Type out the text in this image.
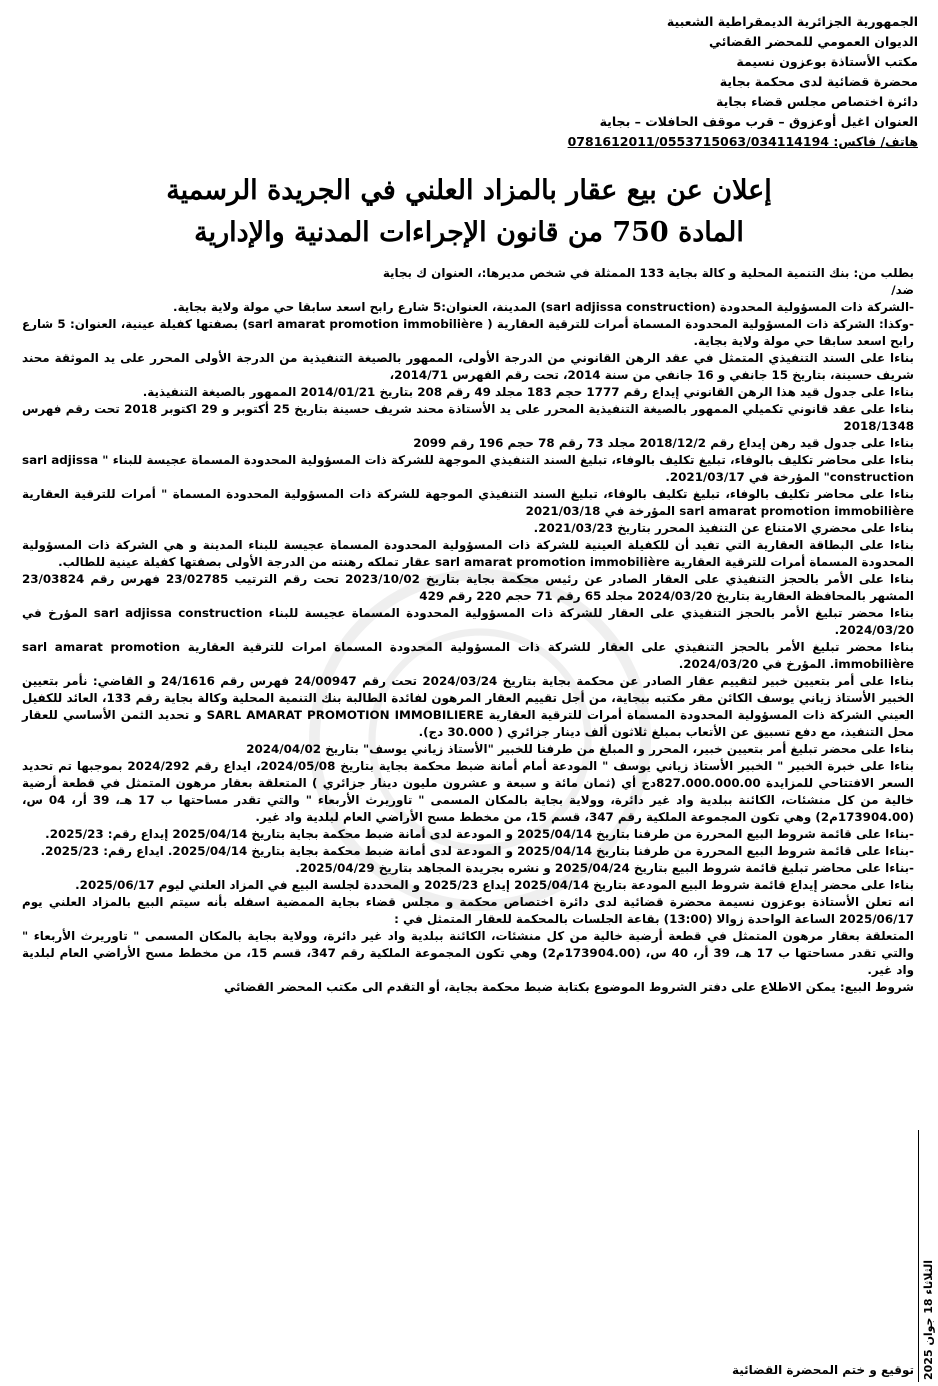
الجمهورية الجزائرية الديمقراطية الشعبية
الديوان العمومي للمحضر القضائي
مكتب الأستاذة بوعزون نسيمة
محضرة قضائية لدى محكمة بجاية
دائرة اختصاص مجلس قضاء بجاية
العنوان اغيل أوعزوق – قرب موقف الحافلات – بجاية
هاتف/ فاكس: 0781612011/0553715063/034114194
إعلان عن بيع عقار بالمزاد العلني في الجريدة الرسمية
المادة 750 من قانون الإجراءات المدنية والإدارية

بطلب من: بنك التنمية المحلية و كالة بجاية 133 الممثلة في شخص مديرها:، العنوان ك بجاية

ضد/

-الشركة ذات المسؤولية المحدودة (sarl adjissa construction) المدينة، العنوان:5 شارع رابح اسعد سابقا حي مولة ولاية بجاية.

-وكذا: الشركة ذات المسؤولية المحدودة المسماة أمرات للترقية العقارية ( sarl amarat promotion immobilière) بصفتها كفيلة عينية، العنوان: 5 شارع رابح اسعد سابقا حي مولة ولاية بجاية.

بناءا على السند التنفيذي المتمثل في عقد الرهن القانوني من الدرجة الأولى، الممهور بالصيغة التنفيذية من الدرجة الأولى المحرر على يد الموثقة محند شريف حسينة، بتاريخ 15 جانفي و 16 جانفي من سنة 2014، تحت رقم الفهرس 2014/71،

بناءا على جدول قيد هذا الرهن القانوني إيداع رقم 1777 حجم 183 مجلد 49 رقم 208 بتاريخ 2014/01/21 الممهور بالصيغة التنفيذية.

بناءا على عقد قانوني تكميلي الممهور بالصيغة التنفيذية المحرر على يد الأستاذة محند شريف حسينة بتاريخ 25 أكتوبر و 29 اكتوبر 2018 تحت رقم فهرس 2018/1348

بناءا على جدول قيد رهن إيداع رقم 2018/12/2 مجلد 73 رقم 78 حجم 196 رقم 2099

بناءا على محاضر تكليف بالوفاء، تبليغ تكليف بالوفاء، تبليغ السند التنفيذي الموجهة للشركة ذات المسؤولية المحدودة المسماة عجيسة للبناء " sarl adjissa construction" المؤرخة في 2021/03/17.

بناءا على محاضر تكليف بالوفاء، تبليغ تكليف بالوفاء، تبليغ السند التنفيذي الموجهة للشركة ذات المسؤولية المحدودة المسماة " أمرات للترقية العقارية sarl amarat promotion immobilière المؤرخة في 2021/03/18

بناءا على محضري الامتناع عن التنفيذ المحرر بتاريخ 2021/03/23.

بناءا على البطاقة العقارية التي تفيد أن للكفيلة العينية للشركة ذات المسؤولية المحدودة المسماة عجيسة للبناء المدينة و هي الشركة ذات المسؤولية المحدودة المسماة أمرات للترقية العقارية sarl amarat promotion immobilière عقار تملكه رهنته من الدرجة الأولى بصفتها كفيلة عينية للطالب.

بناءا على الأمر بالحجز التنفيذي على العقار الصادر عن رئيس محكمة بجاية بتاريخ 2023/10/02 تحت رقم الترتيب 23/02785 فهرس رقم 23/03824 المشهر بالمحافظة العقارية بتاريخ 2024/03/20 مجلد 65 رقم 71 حجم 220 رقم 429

بناءا محضر تبليغ الأمر بالحجز التنفيذي على العقار للشركة ذات المسؤولية المحدودة المسماة عجيسة للبناء sarl adjissa construction المؤرخ في 2024/03/20.

بناءا محضر تبليغ الأمر بالحجز التنفيذي على العقار للشركة ذات المسؤولية المحدودة المسماة امرات للترقية العقارية sarl amarat promotion immobilière. المؤرخ في 2024/03/20.

بناءا على أمر بتعيين خبير لتقييم عقار الصادر عن محكمة بجاية بتاريخ 2024/03/24 تحت رقم 24/00947 فهرس رقم 24/1616 و القاضي: نأمر بتعيين الخبير الأستاذ زياني يوسف الكائن مقر مكتبه ببجاية، من أجل تقييم العقار المرهون لفائدة الطالبة بنك التنمية المحلية وكالة بجاية رقم 133، العائد للكفيل العيني الشركة ذات المسؤولية المحدودة المسماة أمرات للترقية العقارية SARL AMARAT PROMOTION IMMOBILIERE و تحديد الثمن الأساسي للعقار محل التنفيذ، مع دفع تسبيق عن الأتعاب بمبلغ ثلاثون ألف دينار جزائري ( 30.000 دج).

بناءا على محضر تبليغ أمر بتعيين خبير، المحرر و المبلغ من طرفنا للخبير "الأستاذ زياني يوسف" بتاريخ 2024/04/02

بناءا على خبرة الخبير " الخبير الأستاذ زياني يوسف " المودعة أمام أمانة ضبط محكمة بجاية بتاريخ 2024/05/08، ايداع رقم 2024/292 بموجبها تم تحديد السعر الافتتاحي للمزايدة 827.000.000.00دج أي (ثمان مائة و سبعة و عشرون مليون دينار جزائري ) المتعلقة بعقار مرهون المتمثل في قطعة أرضية خالية من كل منشئات، الكائنة ببلدية واد غير دائرة، وولاية بجاية بالمكان المسمى " تاوريرث الأربعاء " والتي تقدر مساحتها ب 17 هـ، 39 أر، 04 س، (173904.00م2) وهي تكون المجموعة الملكية رقم 347، قسم 15، من مخطط مسح الأراضي العام لبلدية واد غير.

-بناءا على قائمة شروط البيع المحررة من طرفنا بتاريخ 2025/04/14 و المودعة لدى أمانة ضبط محكمة بجاية بتاريخ 2025/04/14 إيداع رقم: 2025/23.

-بناءا على قائمة شروط البيع المحررة من طرفنا بتاريخ 2025/04/14 و المودعة لدى أمانة ضبط محكمة بجاية بتاريخ 2025/04/14. ايداع رقم: 2025/23.

-بناءا على محاضر تبليغ قائمة شروط البيع بتاريخ 2025/04/24 و نشره بجريدة المجاهد بتاريخ 2025/04/29.

بناءا على محضر إيداع قائمة شروط البيع المودعة بتاريخ 2025/04/14 إيداع 2025/23 و المحددة لجلسة البيع في المزاد العلني ليوم 2025/06/17.

انه تعلن الأستاذة بوعزون نسيمة محضرة قضائية لدى دائرة اختصاص محكمة و مجلس قضاء بجاية الممضية اسفله بأنه سيتم البيع بالمزاد العلني يوم 2025/06/17 الساعة الواحدة زوالا (13:00) بقاعة الجلسات بالمحكمة للعقار المتمثل في :

المتعلقة بعقار مرهون المتمثل في قطعة أرضية خالية من كل منشئات، الكائنة ببلدية واد غير دائرة، وولاية بجاية بالمكان المسمى " تاوريرث الأربعاء " والتي تقدر مساحتها ب 17 هـ، 39 أر، 40 س، (173904.00م2) وهي تكون المجموعة الملكية رقم 347، قسم 15، من مخطط مسح الأراضي العام لبلدية واد غير.

شروط البيع: يمكن الاطلاع على دفتر الشروط الموضوع بكتابة ضبط محكمة بجاية، أو التقدم الى مكتب المحضر القضائي

توقيع و ختم المحضرة القضائية 2025 الثلاثاء 18 جوان
